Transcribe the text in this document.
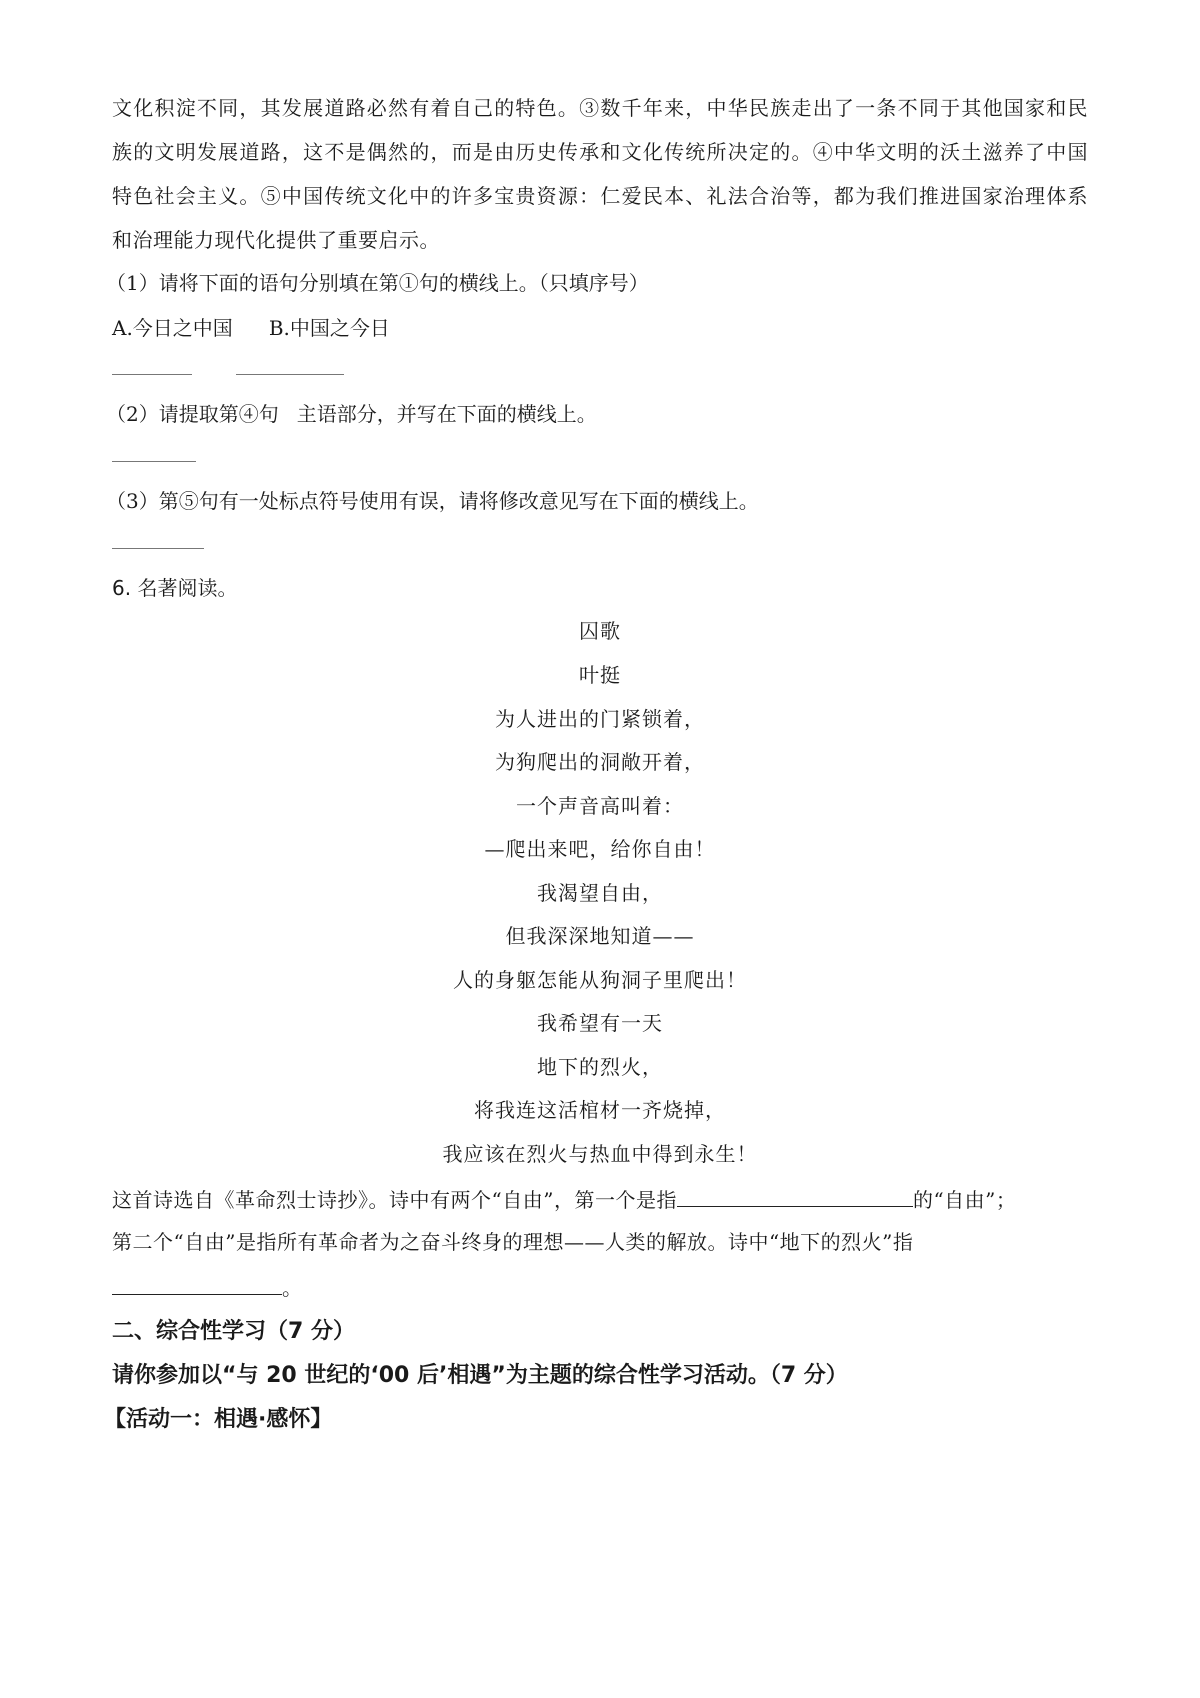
文化积淀不同，其发展道路必然有着自己的特色。③数千年来，中华民族走出了一条不同于其他国家和民
族的文明发展道路，这不是偶然的，而是由历史传承和文化传统所决定的。④中华文明的沃土滋养了中国
特色社会主义。⑤中国传统文化中的许多宝贵资源：仁爱民本、礼法合治等，都为我们推进国家治理体系
和治理能力现代化提供了重要启示。
（1）请将下面的语句分别填在第①句的横线上。（只填序号）
A.今日之中国 B.中国之今日
（2）请提取第④句 主语部分，并写在下面的横线上。
（3）第⑤句有一处标点符号使用有误，请将修改意见写在下面的横线上。
6. 名著阅读。
囚歌
叶挺
为人进出的门紧锁着，
为狗爬出的洞敞开着，
一个声音高叫着：
—爬出来吧，给你自由！
我渴望自由，
但我深深地知道——
人的身躯怎能从狗洞子里爬出！
我希望有一天
地下的烈火，
将我连这活棺材一齐烧掉，
我应该在烈火与热血中得到永生！
这首诗选自《革命烈士诗抄》。诗中有两个“自由”，第一个是指	的“自由”；
第二个“自由”是指所有革命者为之奋斗终身的理想——人类的解放。诗中“地下的烈火”指
。
二、综合性学习（7 分）
请你参加以“与 20 世纪的‘00 后’相遇”为主题的综合性学习活动。（7 分）
【活动一：相遇·感怀】
